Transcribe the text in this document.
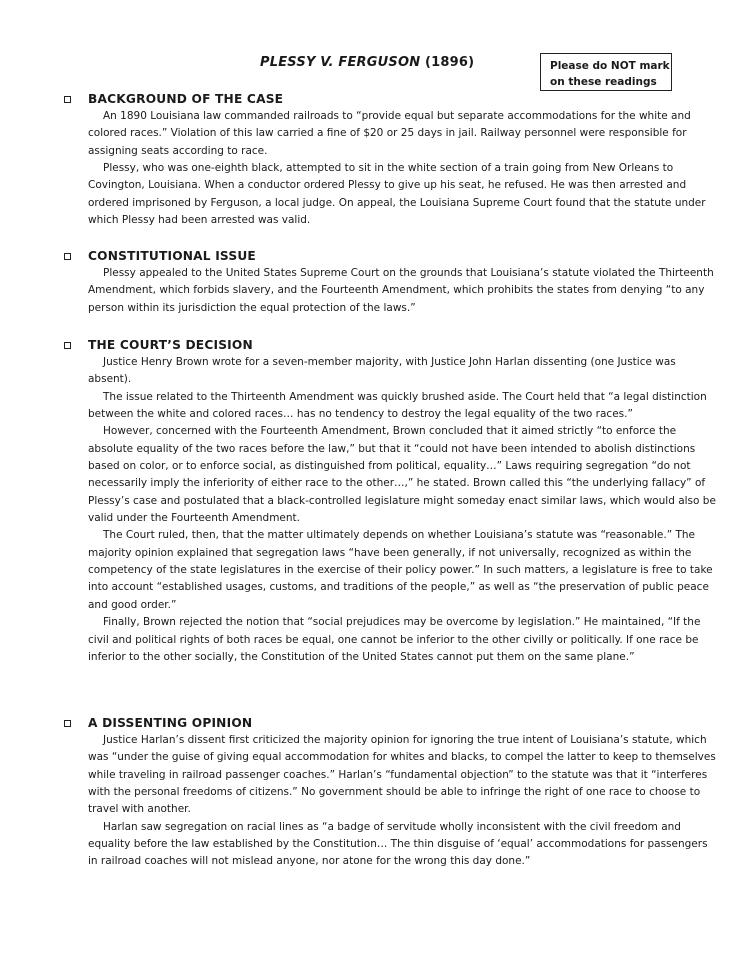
PLESSY V. FERGUSON (1896)	Please do NOT mark
on these readings
BACKGROUND OF THE CASE

An 1890 Louisiana law commanded railroads to “provide equal but separate accommodations for the white and colored races.” Violation of this law carried a fine of $20 or 25 days in jail. Railway personnel were responsible for assigning seats according to race.

Plessy, who was one-eighth black, attempted to sit in the white section of a train going from New Orleans to Covington, Louisiana. When a conductor ordered Plessy to give up his seat, he refused. He was then arrested and ordered imprisoned by Ferguson, a local judge. On appeal, the Louisiana Supreme Court found that the statute under which Plessy had been arrested was valid.

CONSTITUTIONAL ISSUE

Plessy appealed to the United States Supreme Court on the grounds that Louisiana’s statute violated the Thirteenth Amendment, which forbids slavery, and the Fourteenth Amendment, which prohibits the states from denying “to any person within its jurisdiction the equal protection of the laws.”

THE COURT’S DECISION

Justice Henry Brown wrote for a seven-member majority, with Justice John Harlan dissenting (one Justice was absent).

The issue related to the Thirteenth Amendment was quickly brushed aside. The Court held that “a legal distinction between the white and colored races… has no tendency to destroy the legal equality of the two races.”

However, concerned with the Fourteenth Amendment, Brown concluded that it aimed strictly “to enforce the absolute equality of the two races before the law,” but that it “could not have been intended to abolish distinctions based on color, or to enforce social, as distinguished from political, equality…” Laws requiring segregation “do not necessarily imply the inferiority of either race to the other…,” he stated. Brown called this “the underlying fallacy” of Plessy’s case and postulated that a black-controlled legislature might someday enact similar laws, which would also be valid under the Fourteenth Amendment.

The Court ruled, then, that the matter ultimately depends on whether Louisiana’s statute was “reasonable.” The majority opinion explained that segregation laws “have been generally, if not universally, recognized as within the competency of the state legislatures in the exercise of their policy power.” In such matters, a legislature is free to take into account “established usages, customs, and traditions of the people,” as well as “the preservation of public peace and good order.”

Finally, Brown rejected the notion that “social prejudices may be overcome by legislation.” He maintained, “If the civil and political rights of both races be equal, one cannot be inferior to the other civilly or politically. If one race be inferior to the other socially, the Constitution of the United States cannot put them on the same plane.”

A DISSENTING OPINION

Justice Harlan’s dissent first criticized the majority opinion for ignoring the true intent of Louisiana’s statute, which was “under the guise of giving equal accommodation for whites and blacks, to compel the latter to keep to themselves while traveling in railroad passenger coaches.” Harlan’s “fundamental objection” to the statute was that it “interferes with the personal freedoms of citizens.” No government should be able to infringe the right of one race to choose to travel with another.

Harlan saw segregation on racial lines as “a badge of servitude wholly inconsistent with the civil freedom and equality before the law established by the Constitution… The thin disguise of ‘equal’ accommodations for passengers in railroad coaches will not mislead anyone, nor atone for the wrong this day done.”
